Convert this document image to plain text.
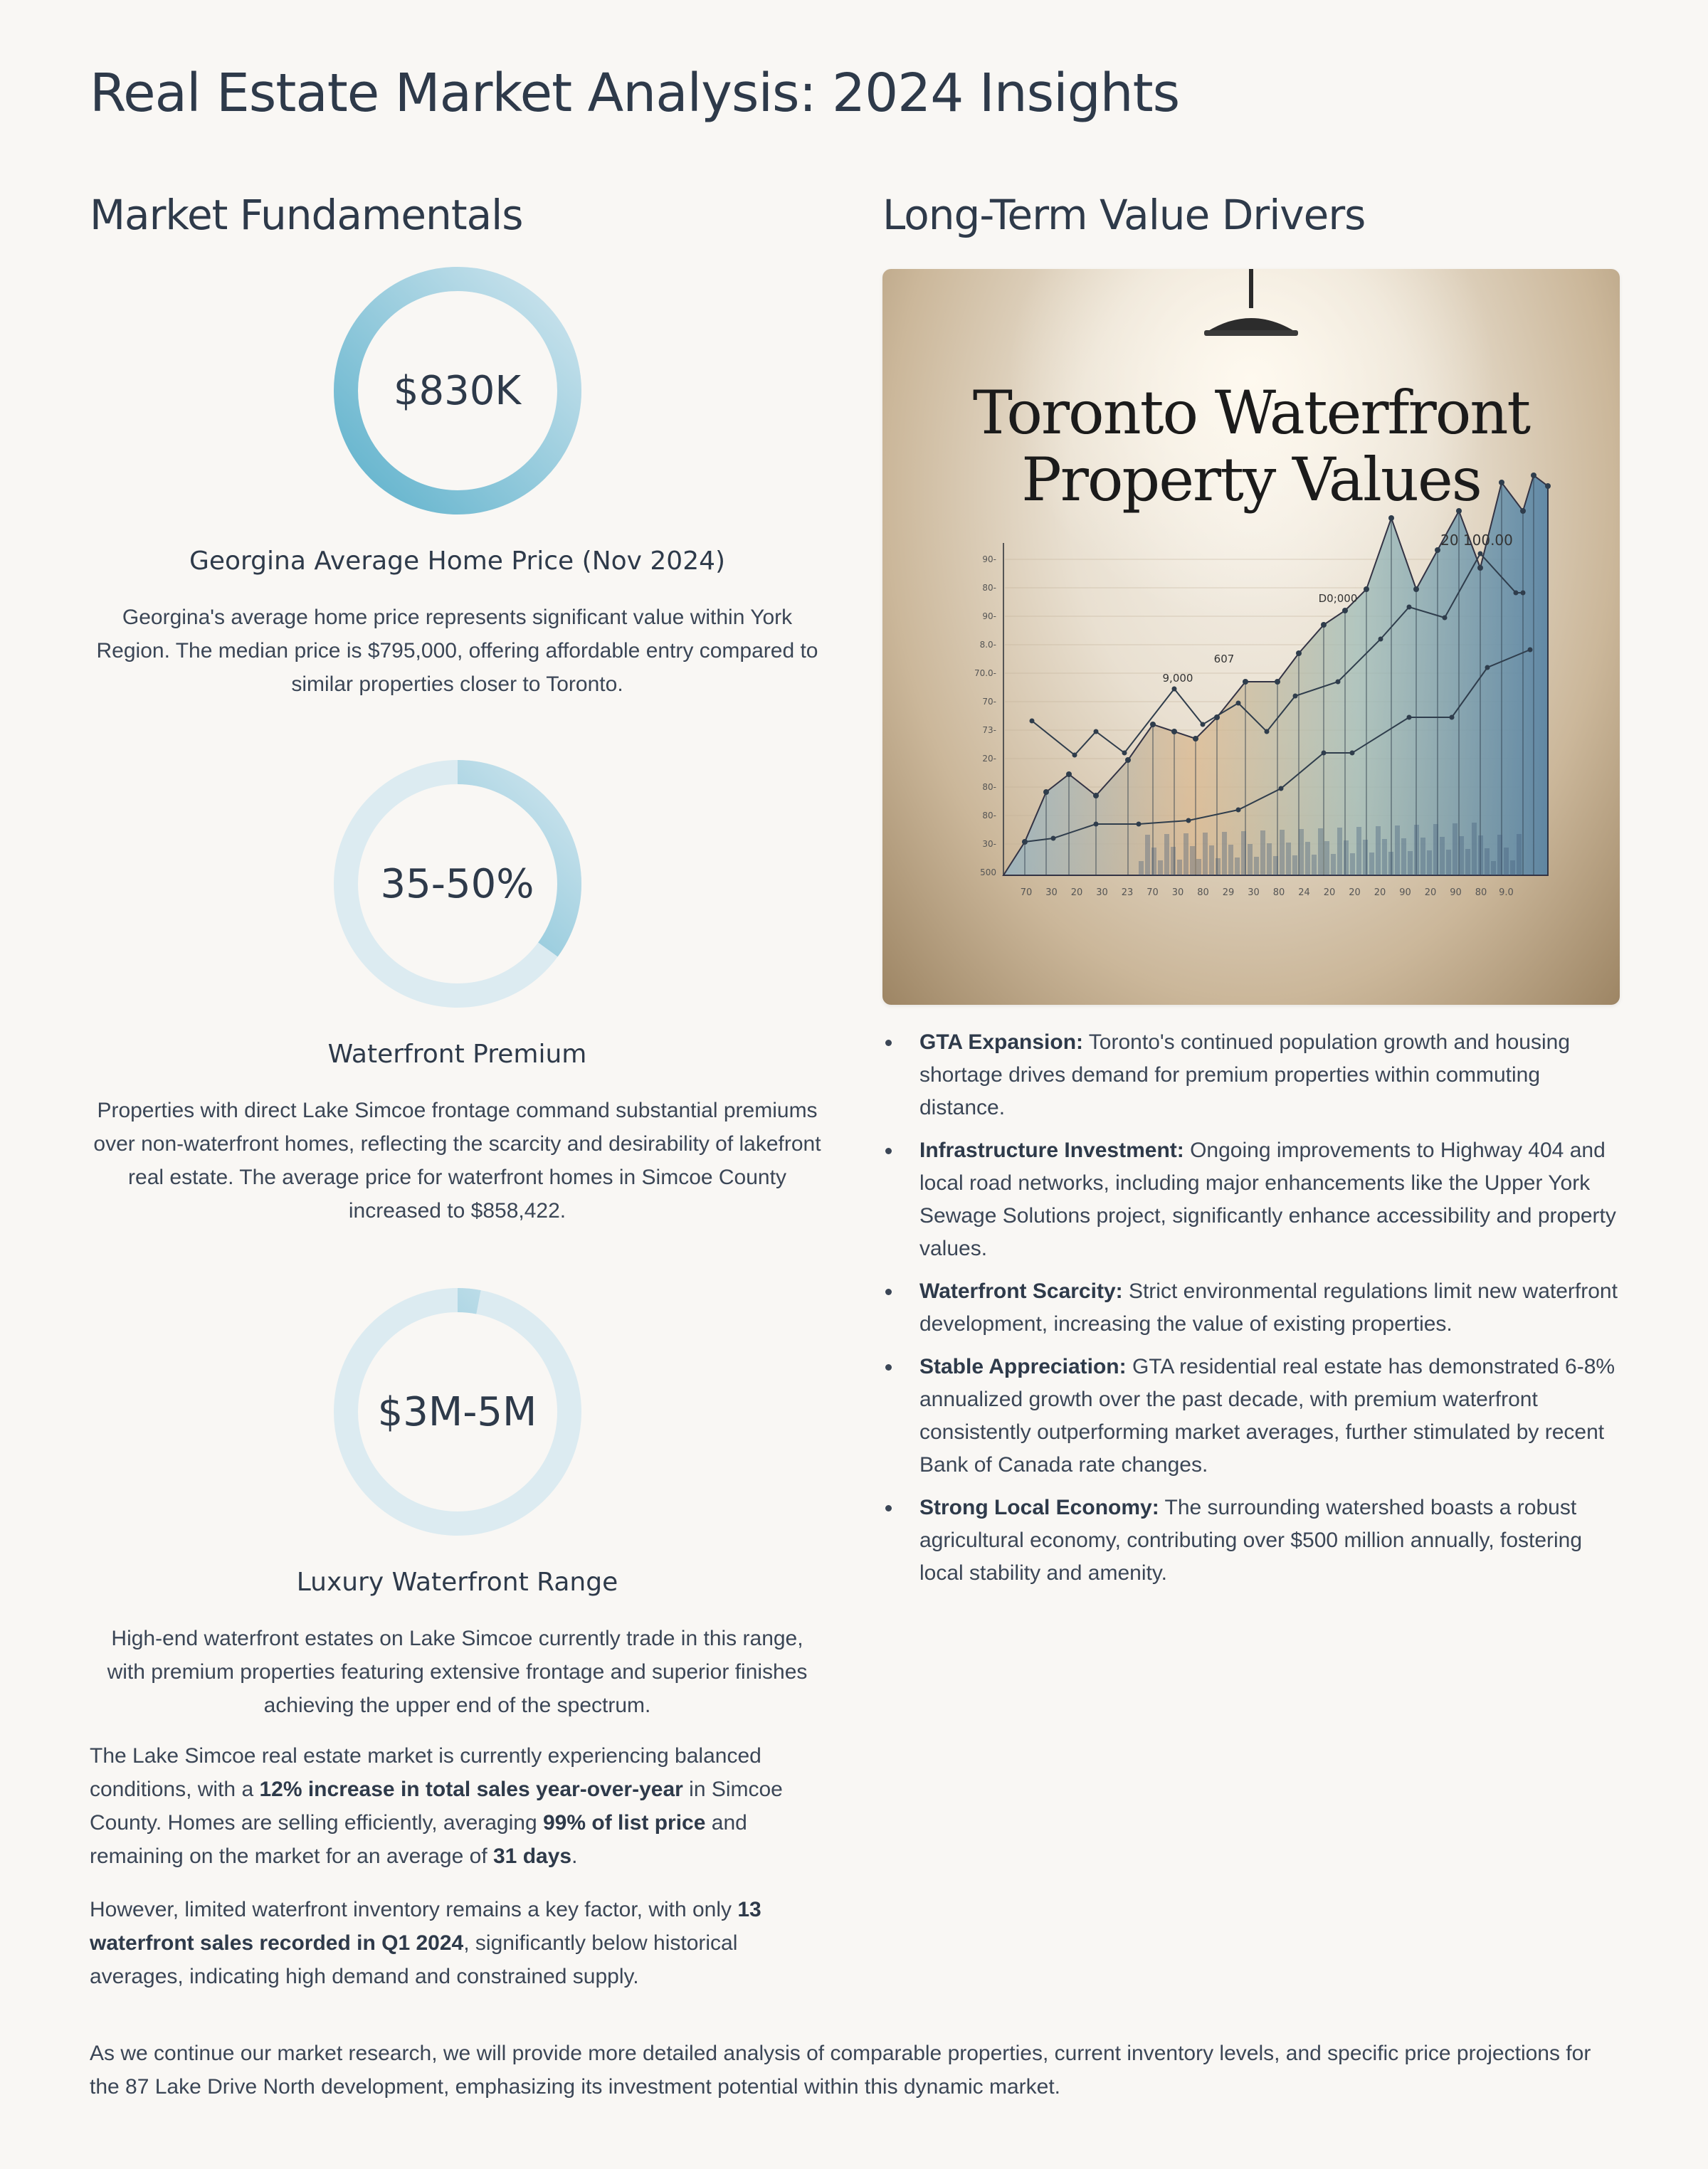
Real Estate Market Analysis: 2024 Insights
Market Fundamentals
$830K
Georgina Average Home Price (Nov 2024)
Georgina's average home price represents significant value within York Region. The median price is $795,000, offering affordable entry compared to similar properties closer to Toronto.
35-50%
Waterfront Premium
Properties with direct Lake Simcoe frontage command substantial premiums over non-waterfront homes, reflecting the scarcity and desirability of lakefront real estate. The average price for waterfront homes in Simcoe County increased to $858,422.
$3M-5M
Luxury Waterfront Range
High-end waterfront estates on Lake Simcoe currently trade in this range, with premium properties featuring extensive frontage and superior finishes achieving the upper end of the spectrum.

The Lake Simcoe real estate market is currently experiencing balanced conditions, with a 12% increase in total sales year-over-year in Simcoe County. Homes are selling efficiently, averaging 99% of list price and remaining on the market for an average of 31 days.

However, limited waterfront inventory remains a key factor, with only 13 waterfront sales recorded in Q1 2024, significantly below historical averages, indicating high demand and constrained supply.

Long-Term Value Drivers
90-
80-
90-
8.0-
70.0-
70-
73-
20-
80-
80-
30-
500
70 30 20 30 23 70 30 80 29 30 80 24 20 20 20 90 20 90 80 9.0
20 100.00
D0;000
607
9,000
Toronto Waterfront
Property Values
GTA Expansion: Toronto's continued population growth and housing shortage drives demand for premium properties within commuting distance.
Infrastructure Investment: Ongoing improvements to Highway 404 and local road networks, including major enhancements like the Upper York Sewage Solutions project, significantly enhance accessibility and property values.
Waterfront Scarcity: Strict environmental regulations limit new waterfront development, increasing the value of existing properties.
Stable Appreciation: GTA residential real estate has demonstrated 6-8% annualized growth over the past decade, with premium waterfront consistently outperforming market averages, further stimulated by recent Bank of Canada rate changes.
Strong Local Economy: The surrounding watershed boasts a robust agricultural economy, contributing over $500 million annually, fostering local stability and amenity.

As we continue our market research, we will provide more detailed analysis of comparable properties, current inventory levels, and specific price projections for the 87 Lake Drive North development, emphasizing its investment potential within this dynamic market.
